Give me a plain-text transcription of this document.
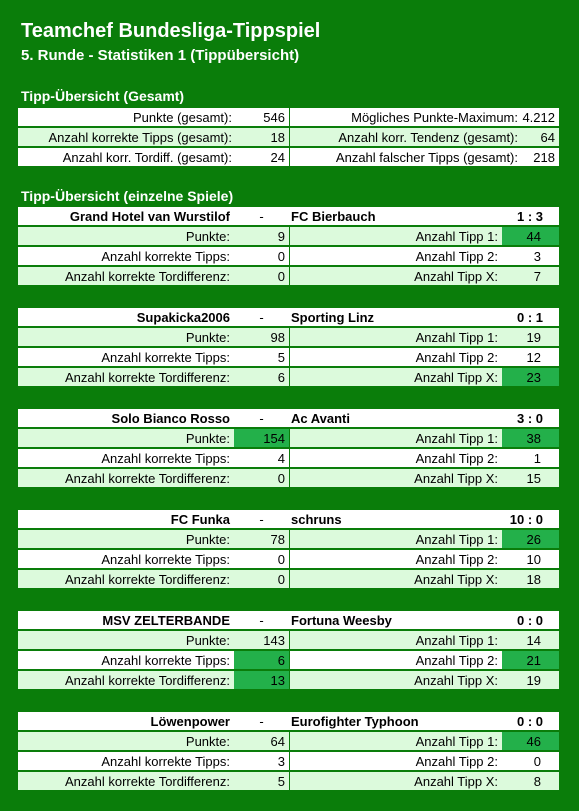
Teamchef Bundesliga-Tippspiel
5. Runde - Statistiken 1 (Tippübersicht)
Tipp-Übersicht (Gesamt)
Punkte (gesamt):	546	Mögliches Punkte-Maximum: 4.212
Anzahl korrekte Tipps (gesamt):	18	Anzahl korr. Tendenz (gesamt):	64
Anzahl korr. Tordiff. (gesamt):	24	Anzahl falscher Tipps (gesamt):	218
Tipp-Übersicht (einzelne Spiele)
Grand Hotel van Wurstilof	-	FC Bierbauch	1 : 3
Punkte:	9	Anzahl Tipp 1:	44
Anzahl korrekte Tipps:	0	Anzahl Tipp 2:	3
Anzahl korrekte Tordifferenz:	0	Anzahl Tipp X:	7
Supakicka2006	-	Sporting Linz	0 : 1
Punkte:	98	Anzahl Tipp 1:	19
Anzahl korrekte Tipps:	5	Anzahl Tipp 2:	12
Anzahl korrekte Tordifferenz:	6	Anzahl Tipp X:	23
Solo Bianco Rosso	-	Ac Avanti	3 : 0
Punkte:	154	Anzahl Tipp 1:	38
Anzahl korrekte Tipps:	4	Anzahl Tipp 2:	1
Anzahl korrekte Tordifferenz:	0	Anzahl Tipp X:	15
FC Funka	-	schruns	10 : 0
Punkte:	78	Anzahl Tipp 1:	26
Anzahl korrekte Tipps:	0	Anzahl Tipp 2:	10
Anzahl korrekte Tordifferenz:	0	Anzahl Tipp X:	18
MSV ZELTERBANDE	-	Fortuna Weesby	0 : 0
Punkte:	143	Anzahl Tipp 1:	14
Anzahl korrekte Tipps:	6	Anzahl Tipp 2:	21
Anzahl korrekte Tordifferenz:	13	Anzahl Tipp X:	19
Löwenpower	-	Eurofighter Typhoon	0 : 0
Punkte:	64	Anzahl Tipp 1:	46
Anzahl korrekte Tipps:	3	Anzahl Tipp 2:	0
Anzahl korrekte Tordifferenz:	5	Anzahl Tipp X:	8
